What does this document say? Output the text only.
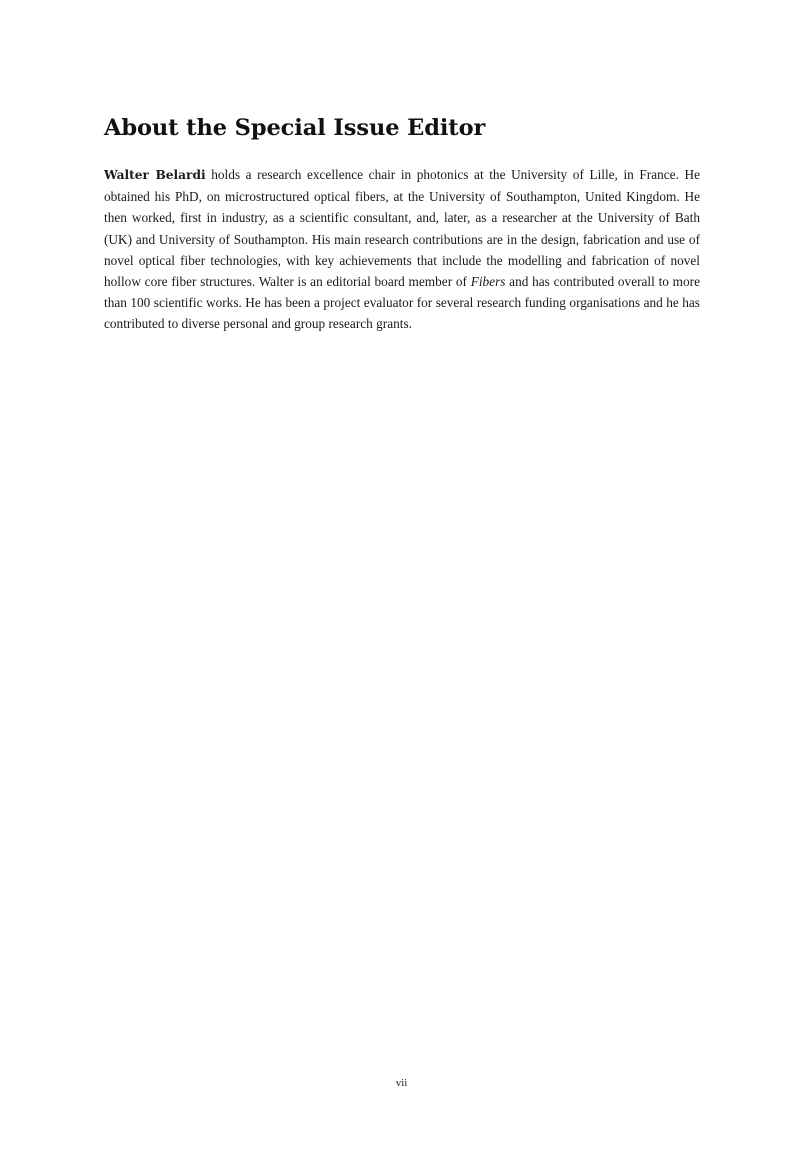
About the Special Issue Editor

Walter Belardi holds a research excellence chair in photonics at the University of Lille, in France. He obtained his PhD, on microstructured optical fibers, at the University of Southampton, United Kingdom. He then worked, first in industry, as a scientific consultant, and, later, as a researcher at the University of Bath (UK) and University of Southampton. His main research contributions are in the design, fabrication and use of novel optical fiber technologies, with key achievements that include the modelling and fabrication of novel hollow core fiber structures. Walter is an editorial board member of Fibers and has contributed overall to more than 100 scientific works. He has been a project evaluator for several research funding organisations and he has contributed to diverse personal and group research grants.

vii
